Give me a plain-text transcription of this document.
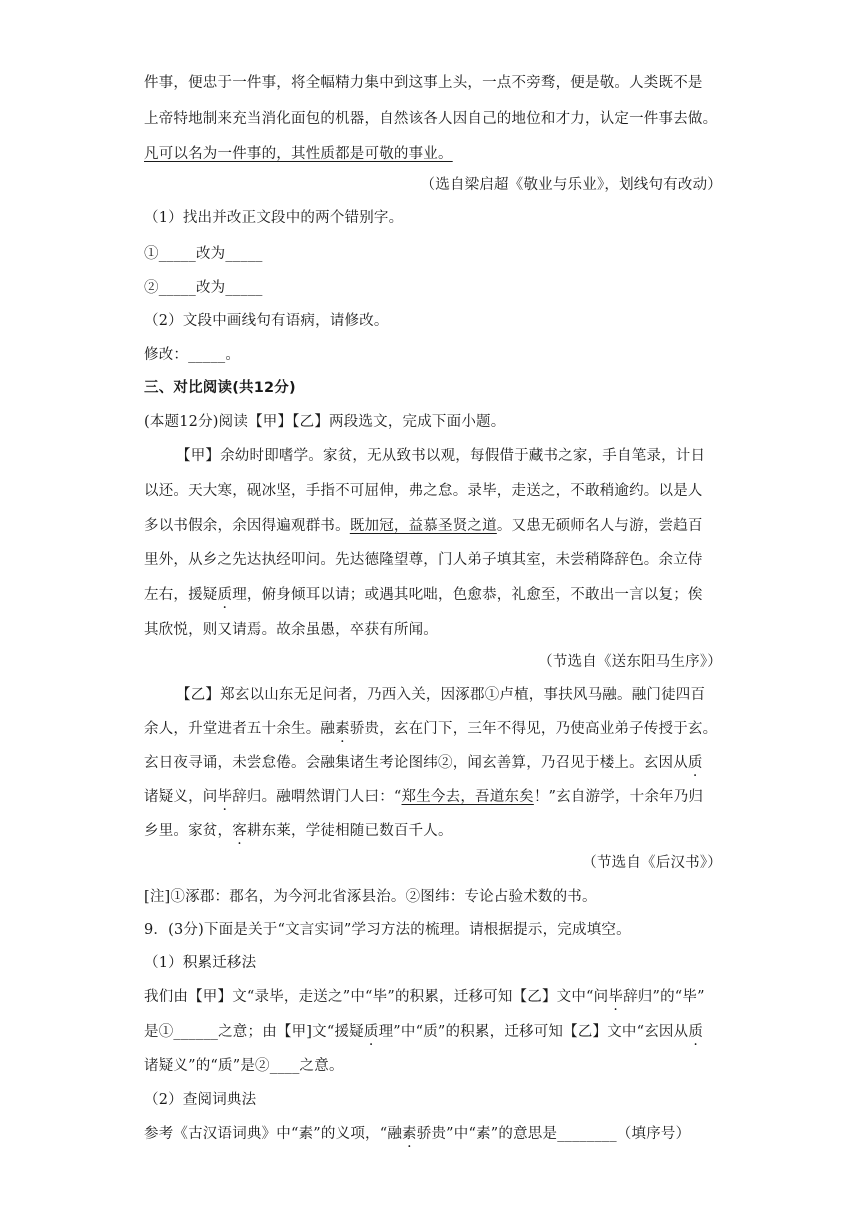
件事，便忠于一件事，将全幅精力集中到这事上头，一点不旁骛，便是敬。人类既不是
上帝特地制来充当消化面包的机器，自然该各人因自己的地位和才力，认定一件事去做。
凡可以名为一件事的，其性质都是可敬的事业。
（选自梁启超《敬业与乐业》，划线句有改动）
（1）找出并改正文段中的两个错别字。
①_____改为_____
②_____改为_____
（2）文段中画线句有语病，请修改。
修改：_____。
三、对比阅读(共12分)
(本题12分)阅读【甲】【乙】两段选文，完成下面小题。
【甲】余幼时即嗜学。家贫，无从致书以观，每假借于藏书之家，手自笔录，计日
以还。天大寒，砚冰坚，手指不可屈伸，弗之怠。录毕，走送之，不敢稍逾约。以是人
多以书假余，余因得遍观群书。既加冠，益慕圣贤之道。又患无硕师名人与游，尝趋百
里外，从乡之先达执经叩问。先达德隆望尊，门人弟子填其室，未尝稍降辞色。余立侍
左右，援疑质理，俯身倾耳以请；或遇其叱咄，色愈恭，礼愈至，不敢出一言以复；俟
其欣悦，则又请焉。故余虽愚，卒获有所闻。
（节选自《送东阳马生序》）
【乙】郑玄以山东无足问者，乃西入关，因涿郡①卢植，事扶风马融。融门徒四百
余人，升堂进者五十余生。融素骄贵，玄在门下，三年不得见，乃使高业弟子传授于玄。
玄日夜寻诵，未尝怠倦。会融集诸生考论图纬②，闻玄善算，乃召见于楼上。玄因从质
诸疑义，问毕辞归。融喟然谓门人曰：“郑生今去，吾道东矣！”玄自游学，十余年乃归
乡里。家贫，客耕东莱，学徒相随已数百千人。
（节选自《后汉书》）
[注]①涿郡：郡名，为今河北省涿县治。②图纬：专论占验术数的书。
9．(3分)下面是关于“文言实词”学习方法的梳理。请根据提示，完成填空。
（1）积累迁移法
我们由【甲】文“录毕，走送之”中“毕”的积累，迁移可知【乙】文中“问毕辞归”的“毕”
是①______之意；由【甲]文“援疑质理”中“质”的积累，迁移可知【乙】文中“玄因从质
诸疑义”的“质”是②____之意。
（2）查阅词典法
参考《古汉语词典》中“素”的义项，“融素骄贵”中“素”的意思是________（填序号）
